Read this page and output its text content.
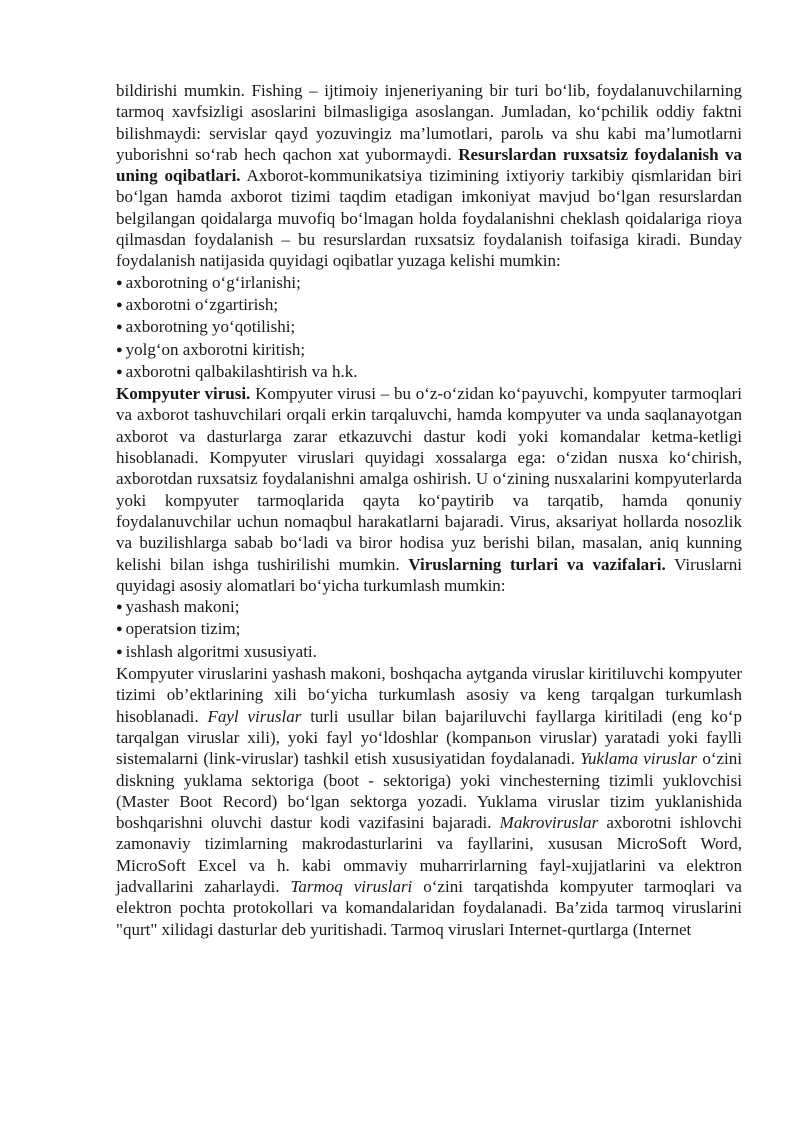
bildirishi mumkin. Fishing – ijtimoiy injeneriyaning bir turi bo‘lib, foydalanuvchilarning tarmoq xavfsizligi asoslarini bilmasligiga asoslangan. Jumladan, ko‘pchilik oddiy faktni bilishmaydi: servislar qayd yozuvingiz ma’lumotlari, parolь va shu kabi ma’lumotlarni yuborishni so‘rab hech qachon xat yubormaydi. Resurslardan ruxsatsiz foydalanish va uning oqibatlari. Axborot-kommunikatsiya tizimining ixtiyoriy tarkibiy qismlaridan biri bo‘lgan hamda axborot tizimi taqdim etadigan imkoniyat mavjud bo‘lgan resurslardan belgilangan qoidalarga muvofiq bo‘lmagan holda foydalanishni cheklash qoidalariga rioya qilmasdan foydalanish – bu resurslardan ruxsatsiz foydalanish toifasiga kiradi. Bunday foydalanish natijasida quyidagi oqibatlar yuzaga kelishi mumkin:

● axborotning o‘g‘irlanishi;
● axborotni o‘zgartirish;
● axborotning yo‘qotilishi;
● yolg‘on axborotni kiritish;
● axborotni qalbakilashtirish va h.k.

Kompyuter virusi. Kompyuter virusi – bu o‘z-o‘zidan ko‘payuvchi, kompyuter tarmoqlari va axborot tashuvchilari orqali erkin tarqaluvchi, hamda kompyuter va unda saqlanayotgan axborot va dasturlarga zarar etkazuvchi dastur kodi yoki komandalar ketma-ketligi hisoblanadi. Kompyuter viruslari quyidagi xossalarga ega: o‘zidan nusxa ko‘chirish, axborotdan ruxsatsiz foydalanishni amalga oshirish. U o‘zining nusxalarini kompyuterlarda yoki kompyuter tarmoqlarida qayta ko‘paytirib va tarqatib, hamda qonuniy foydalanuvchilar uchun nomaqbul harakatlarni bajaradi. Virus, aksariyat hollarda nosozlik va buzilishlarga sabab bo‘ladi va biror hodisa yuz berishi bilan, masalan, aniq kunning kelishi bilan ishga tushirilishi mumkin. Viruslarning turlari va vazifalari. Viruslarni quyidagi asosiy alomatlari bo‘yicha turkumlash mumkin:

● yashash makoni;
● operatsion tizim;
● ishlash algoritmi xususiyati.

Kompyuter viruslarini yashash makoni, boshqacha aytganda viruslar kiritiluvchi kompyuter tizimi ob’ektlarining xili bo‘yicha turkumlash asosiy va keng tarqalgan turkumlash hisoblanadi. Fayl viruslar turli usullar bilan bajariluvchi fayllarga kiritiladi (eng ko‘p tarqalgan viruslar xili), yoki fayl yo‘ldoshlar (kompanьon viruslar) yaratadi yoki faylli sistemalarni (link-viruslar) tashkil etish xususiyatidan foydalanadi. Yuklama viruslar o‘zini diskning yuklama sektoriga (boot - sektoriga) yoki vinchesterning tizimli yuklovchisi (Master Boot Record) bo‘lgan sektorga yozadi. Yuklama viruslar tizim yuklanishida boshqarishni oluvchi dastur kodi vazifasini bajaradi. Makroviruslar axborotni ishlovchi zamonaviy tizimlarning makrodasturlarini va fayllarini, xususan MicroSoft Word, MicroSoft Excel va h. kabi ommaviy muharrirlarning fayl-xujjatlarini va elektron jadvallarini zaharlaydi. Tarmoq viruslari o‘zini tarqatishda kompyuter tarmoqlari va elektron pochta protokollari va komandalaridan foydalanadi. Ba’zida tarmoq viruslarini "qurt" xilidagi dasturlar deb yuritishadi. Tarmoq viruslari Internet-qurtlarga (Internet
